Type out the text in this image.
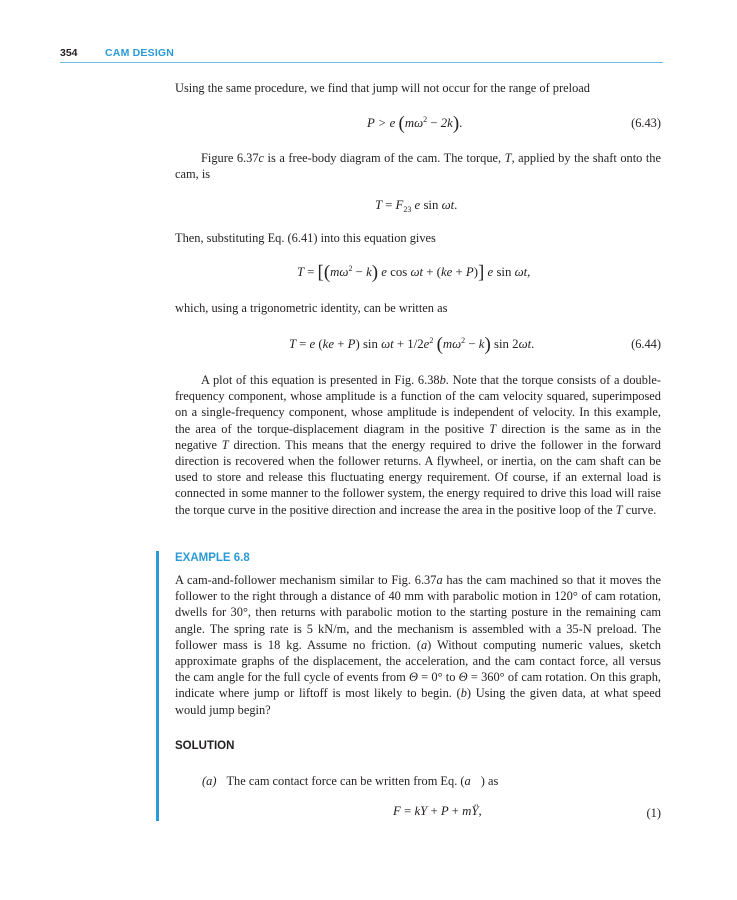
354	CAM DESIGN

Using the same procedure, we find that jump will not occur for the range of preload

P > e $(m\omega^2 - 2k)$.	(6.43)

Figure 6.37c is a free-body diagram of the cam. The torque, T, applied by the shaft onto the cam, is

$T = F_{23}$ e sin ωt.

Then, substituting Eq. (6.41) into this equation gives

$T = [(m\omega^2 - k)$ e cos ωt + (ke + P)] e sin ωt,

which, using a trigonometric identity, can be written as

T = e (ke + P) $\sin \omega t + 1/2e^2$ $(m\omega^2 - k)$ sin 2ωt.	(6.44)

A plot of this equation is presented in Fig. 6.38b. Note that the torque consists of a double-frequency component, whose amplitude is a function of the cam velocity squared, superimposed on a single-frequency component, whose amplitude is independent of velocity. In this example, the area of the torque-displacement diagram in the positive T direction is the same as in the negative T direction. This means that the energy required to drive the follower in the forward direction is recovered when the follower returns. A flywheel, or inertia, on the cam shaft can be used to store and release this fluctuating energy requirement. Of course, if an external load is connected in some manner to the follower system, the energy required to drive this load will raise the torque curve in the positive direction and increase the area in the positive loop of the T curve.

EXAMPLE 6.8

A cam-and-follower mechanism similar to Fig. 6.37a has the cam machined so that it moves the follower to the right through a distance of 40 mm with parabolic motion in 120° of cam rotation, dwells for 30°, then returns with parabolic motion to the starting posture in the remaining cam angle. The spring rate is 5 kN/m, and the mechanism is assembled with a 35-N preload. The follower mass is 18 kg. Assume no friction. (a) Without computing numeric values, sketch approximate graphs of the displacement, the acceleration, and the cam contact force, all versus the cam angle for the full cycle of events from Θ = 0° to Θ = 360° of cam rotation. On this graph, indicate where jump or liftoff is most likely to begin. (b) Using the given data, at what speed would jump begin?

SOLUTION
(a) The cam contact force can be written from Eq. (a ) as
F = kY + P + mŸ,	(1)
